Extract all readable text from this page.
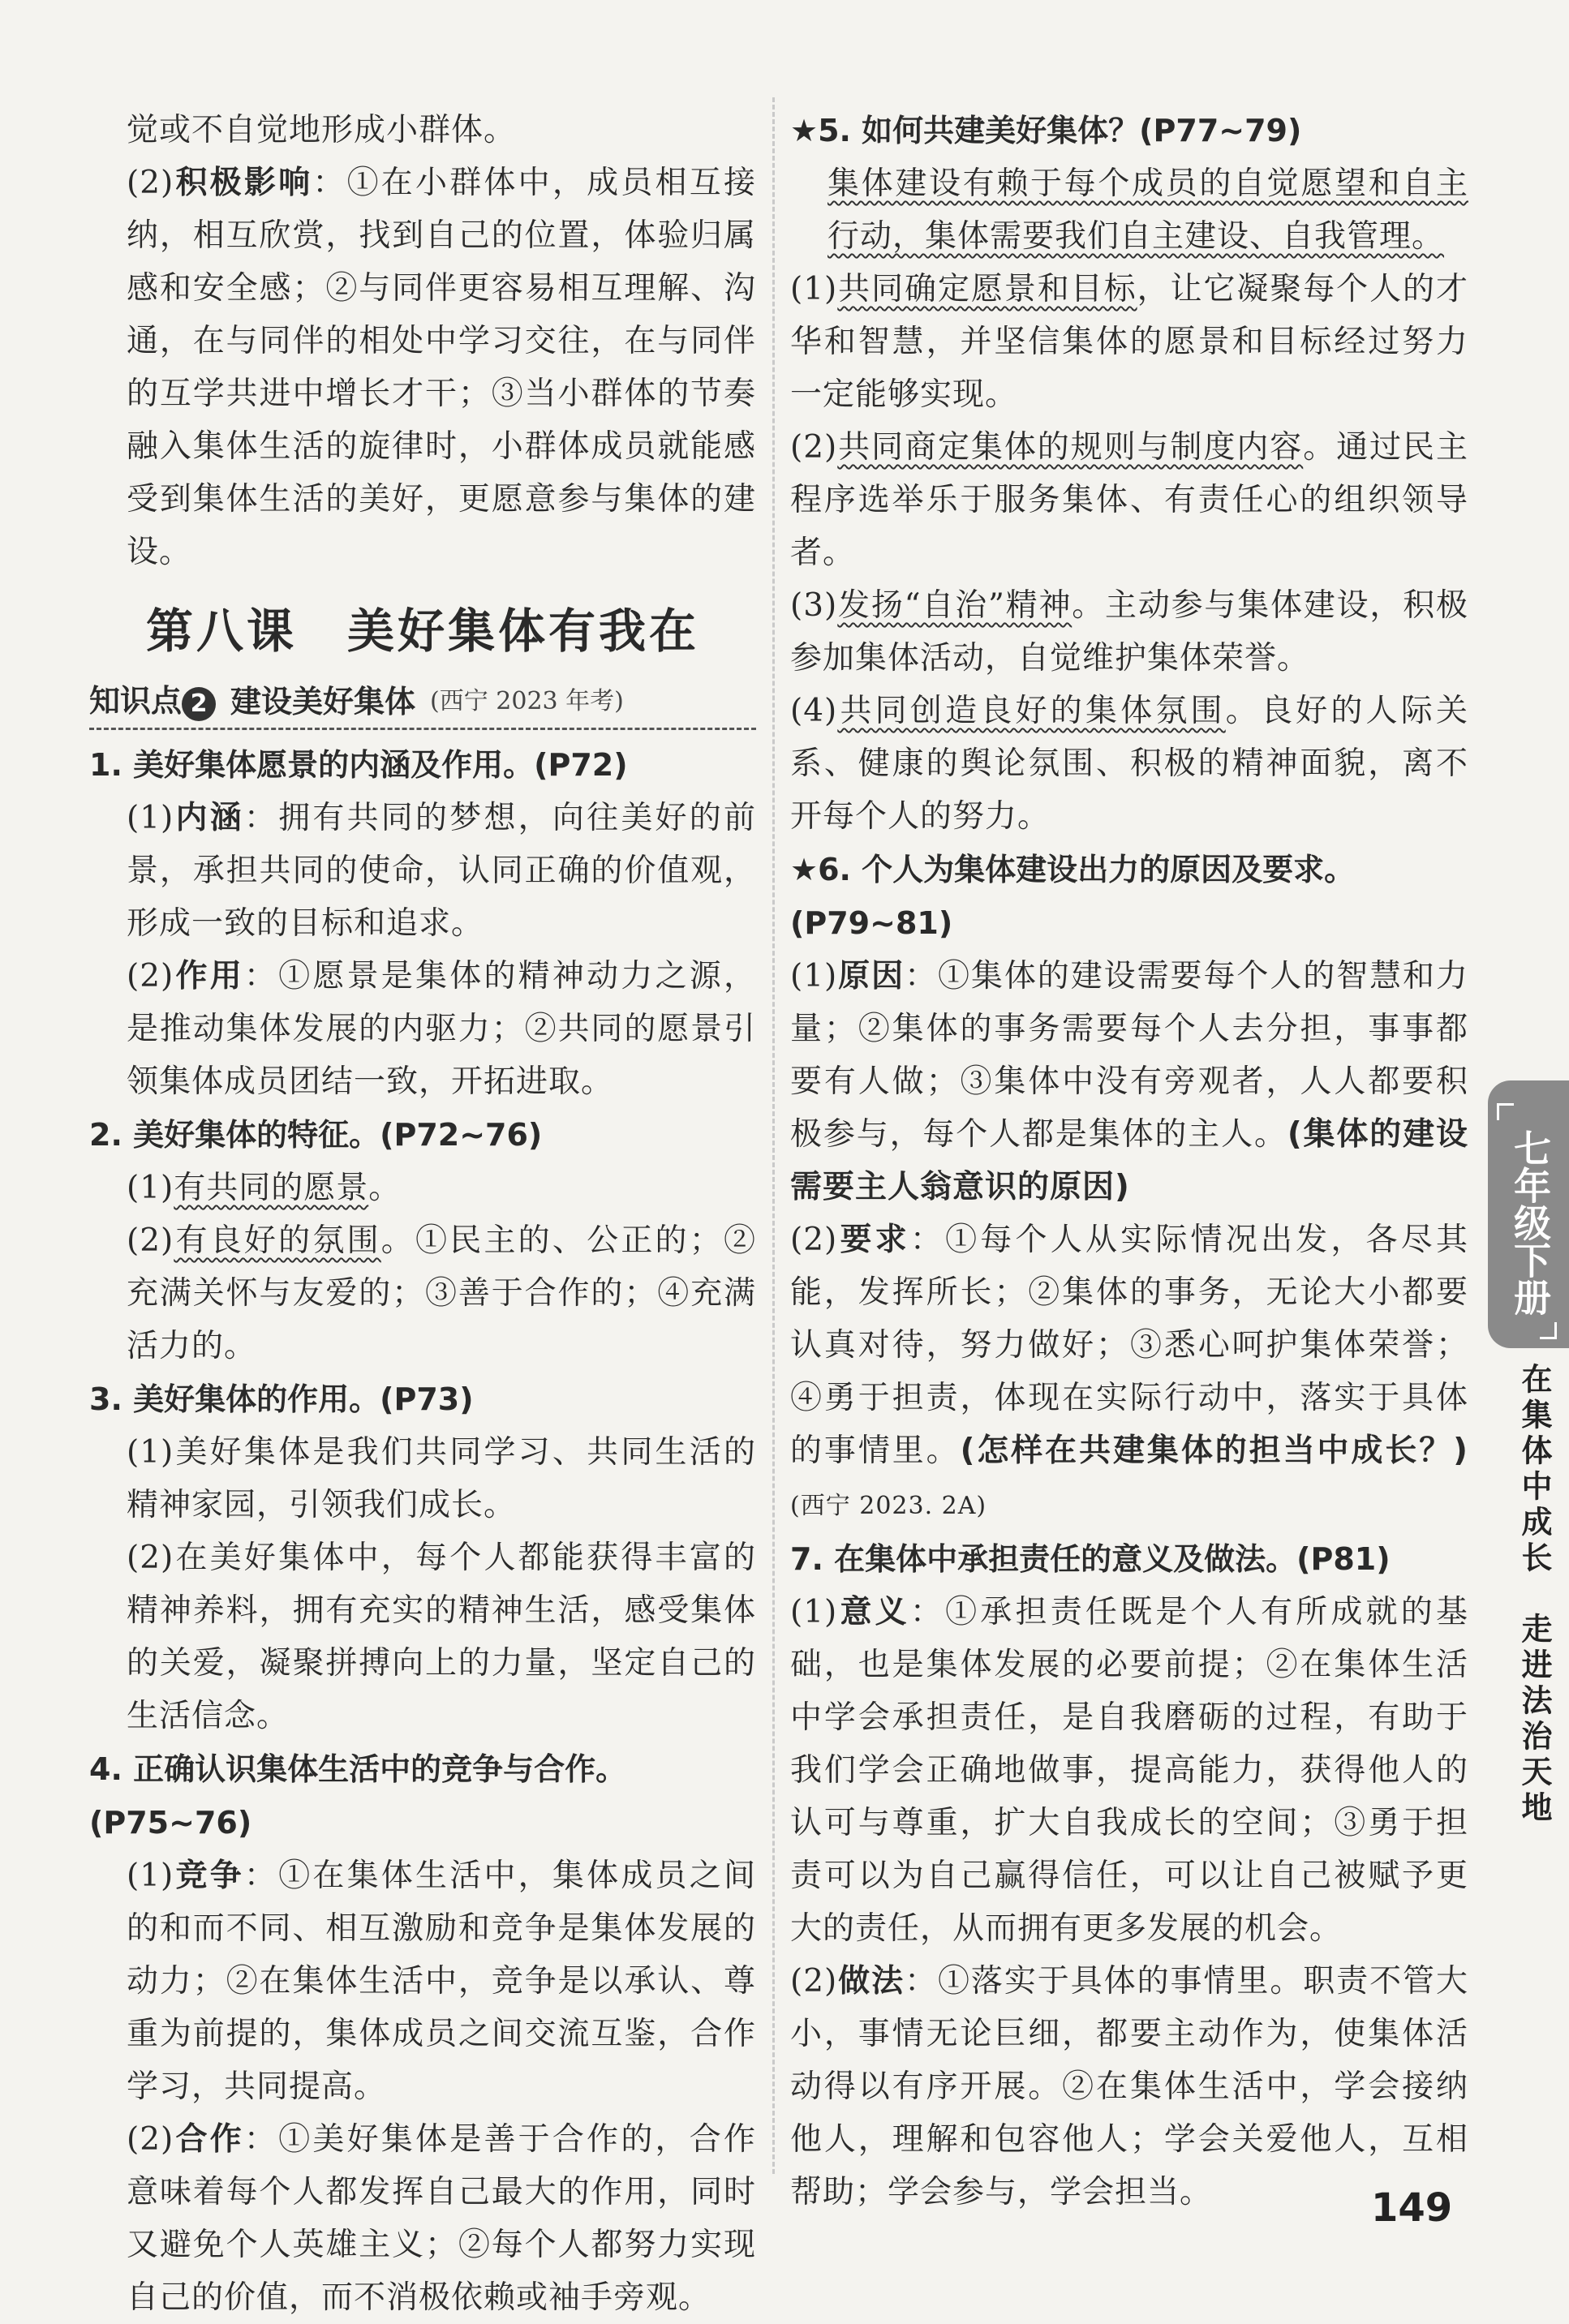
觉或不自觉地形成小群体。

(2)积极影响：①在小群体中，成员相互接纳，相互欣赏，找到自己的位置，体验归属感和安全感；②与同伴更容易相互理解、沟通，在与同伴的相处中学习交往，在与同伴的互学共进中增长才干；③当小群体的节奏融入集体生活的旋律时，小群体成员就能感受到集体生活的美好，更愿意参与集体的建设。

第八课　美好集体有我在
知识点 2 建设美好集体 (西宁 2023 年考)

1. 美好集体愿景的内涵及作用。(P72)

(1)内涵：拥有共同的梦想，向往美好的前景，承担共同的使命，认同正确的价值观，形成一致的目标和追求。

(2)作用：①愿景是集体的精神动力之源，是推动集体发展的内驱力；②共同的愿景引领集体成员团结一致，开拓进取。

2. 美好集体的特征。(P72~76)

(1)有共同的愿景。

(2)有良好的氛围。①民主的、公正的；②充满关怀与友爱的；③善于合作的；④充满活力的。

3. 美好集体的作用。(P73)

(1)美好集体是我们共同学习、共同生活的精神家园，引领我们成长。

(2)在美好集体中，每个人都能获得丰富的精神养料，拥有充实的精神生活，感受集体的关爱，凝聚拼搏向上的力量，坚定自己的生活信念。

4. 正确认识集体生活中的竞争与合作。(P75~76)

(1)竞争：①在集体生活中，集体成员之间的和而不同、相互激励和竞争是集体发展的动力；②在集体生活中，竞争是以承认、尊重为前提的，集体成员之间交流互鉴，合作学习，共同提高。

(2)合作：①美好集体是善于合作的，合作意味着每个人都发挥自己最大的作用，同时又避免个人英雄主义；②每个人都努力实现自己的价值，而不消极依赖或袖手旁观。

★5. 如何共建美好集体？(P77~79)

集体建设有赖于每个成员的自觉愿望和自主行动，集体需要我们自主建设、自我管理。

(1)共同确定愿景和目标，让它凝聚每个人的才华和智慧，并坚信集体的愿景和目标经过努力一定能够实现。

(2)共同商定集体的规则与制度内容。通过民主程序选举乐于服务集体、有责任心的组织领导者。

(3)发扬“自治”精神。主动参与集体建设，积极参加集体活动，自觉维护集体荣誉。

(4)共同创造良好的集体氛围。良好的人际关系、健康的舆论氛围、积极的精神面貌，离不开每个人的努力。

★6. 个人为集体建设出力的原因及要求。(P79~81)

(1)原因：①集体的建设需要每个人的智慧和力量；②集体的事务需要每个人去分担，事事都要有人做；③集体中没有旁观者，人人都要积极参与，每个人都是集体的主人。(集体的建设需要主人翁意识的原因)

(2)要求：①每个人从实际情况出发，各尽其能，发挥所长；②集体的事务，无论大小都要认真对待，努力做好；③悉心呵护集体荣誉；④勇于担责，体现在实际行动中，落实于具体的事情里。(怎样在共建集体的担当中成长？)(西宁 2023. 2A)

7. 在集体中承担责任的意义及做法。(P81)

(1)意义：①承担责任既是个人有所成就的基础，也是集体发展的必要前提；②在集体生活中学会承担责任，是自我磨砺的过程，有助于我们学会正确地做事，提高能力，获得他人的认可与尊重，扩大自我成长的空间；③勇于担责可以为自己赢得信任，可以让自己被赋予更大的责任，从而拥有更多发展的机会。

(2)做法：①落实于具体的事情里。职责不管大小，事情无论巨细，都要主动作为，使集体活动得以有序开展。②在集体生活中，学会接纳他人，理解和包容他人；学会关爱他人，互相帮助；学会参与，学会担当。

七年级下册
在集体中成长　走进法治天地
149
